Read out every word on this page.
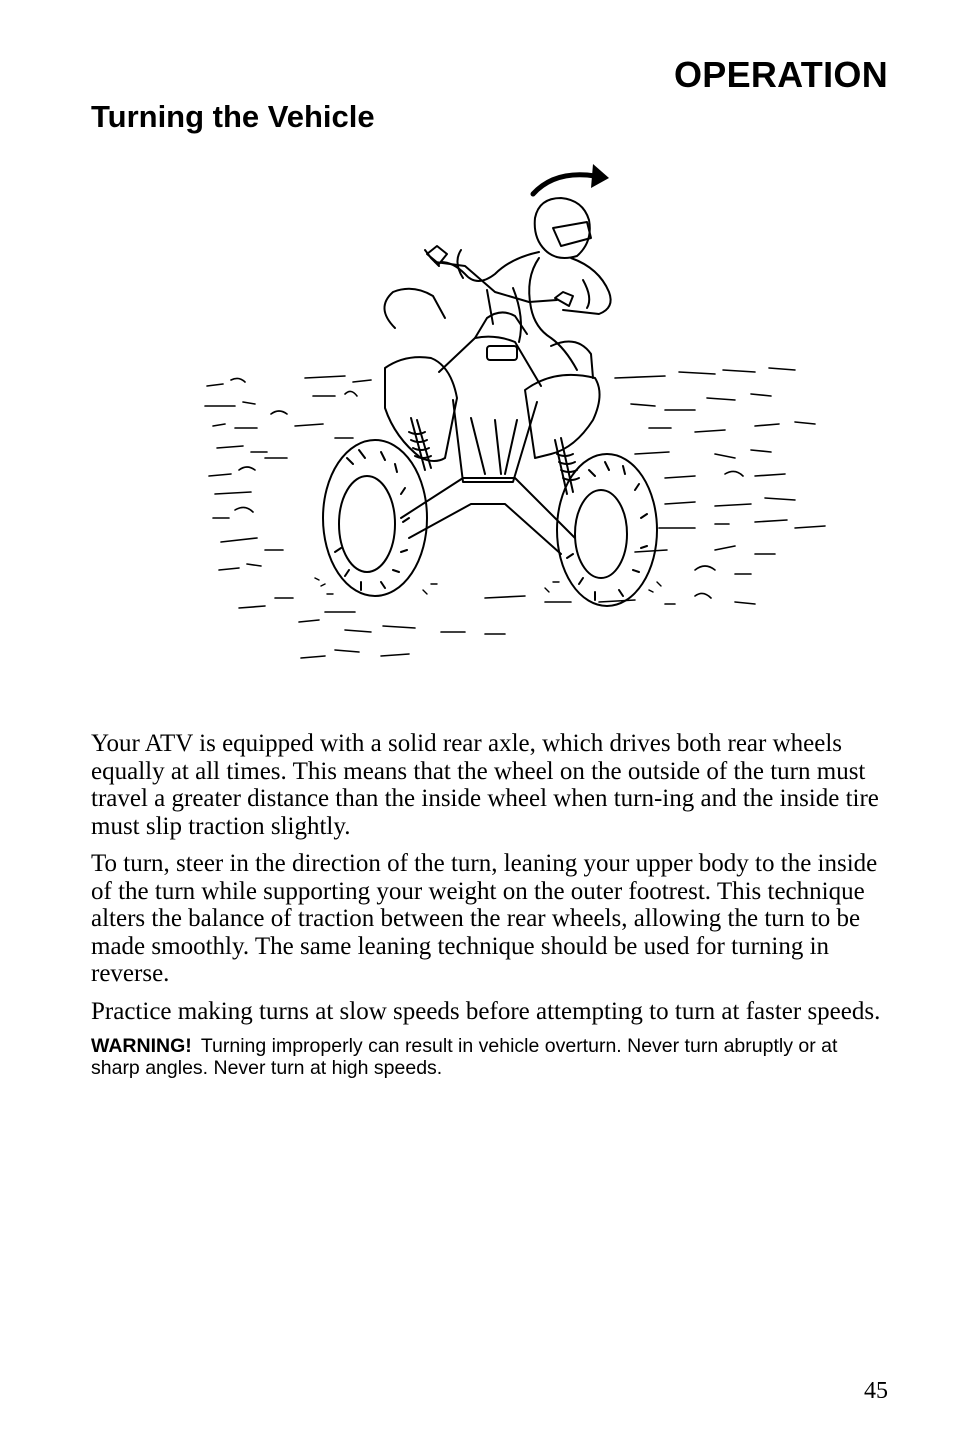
OPERATION
Turning the Vehicle

Your ATV is equipped with a solid rear axle, which drives both rear wheels equally at all times. This means that the wheel on the outside of the turn must travel a greater distance than the inside wheel when turn-ing and the inside tire must slip traction slightly.

To turn, steer in the direction of the turn, leaning your upper body to the inside of the turn while supporting your weight on the outer footrest. This technique alters the balance of traction between the rear wheels, allowing the turn to be made smoothly. The same leaning technique should be used for turning in reverse.

Practice making turns at slow speeds before attempting to turn at faster speeds.

WARNING! Turning improperly can result in vehicle overturn. Never turn abruptly or at sharp angles. Never turn at high speeds.
45
